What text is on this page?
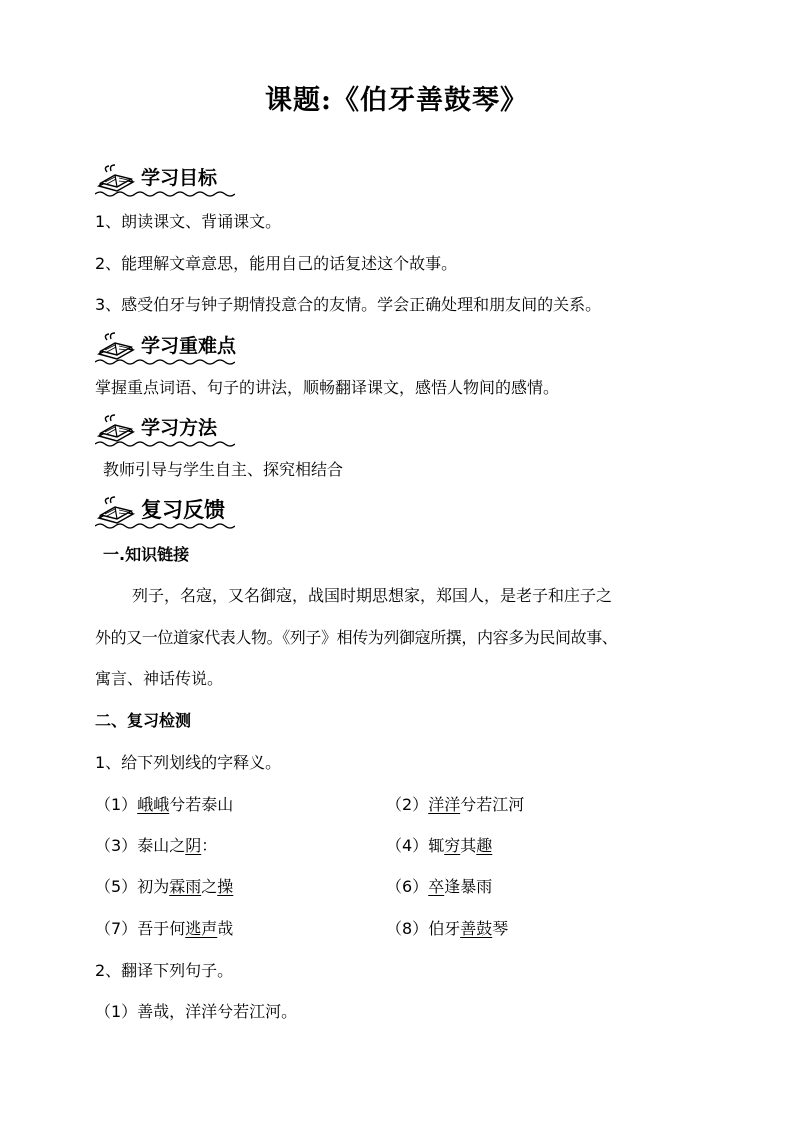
课题:《伯牙善鼓琴》
学习目标
1、朗读课文、背诵课文。
2、能理解文章意思，能用自己的话复述这个故事。
3、感受伯牙与钟子期情投意合的友情。学会正确处理和朋友间的关系。
学习重难点
掌握重点词语、句子的讲法，顺畅翻译课文，感悟人物间的感情。
学习方法
教师引导与学生自主、探究相结合
复习反馈
一.知识链接
列子，名寇，又名御寇，战国时期思想家，郑国人，是老子和庄子之
外的又一位道家代表人物。《列子》相传为列御寇所撰，内容多为民间故事、
寓言、神话传说。
二、复习检测
1、给下列划线的字释义。
（1）峨峨兮若泰山	（2）洋洋兮若江河
（3）泰山之阴：	（4）辄穷其趣
（5）初为霖雨之操	（6）卒逢暴雨
（7）吾于何逃声哉	（8）伯牙善鼓琴
2、翻译下列句子。
（1）善哉，洋洋兮若江河。
